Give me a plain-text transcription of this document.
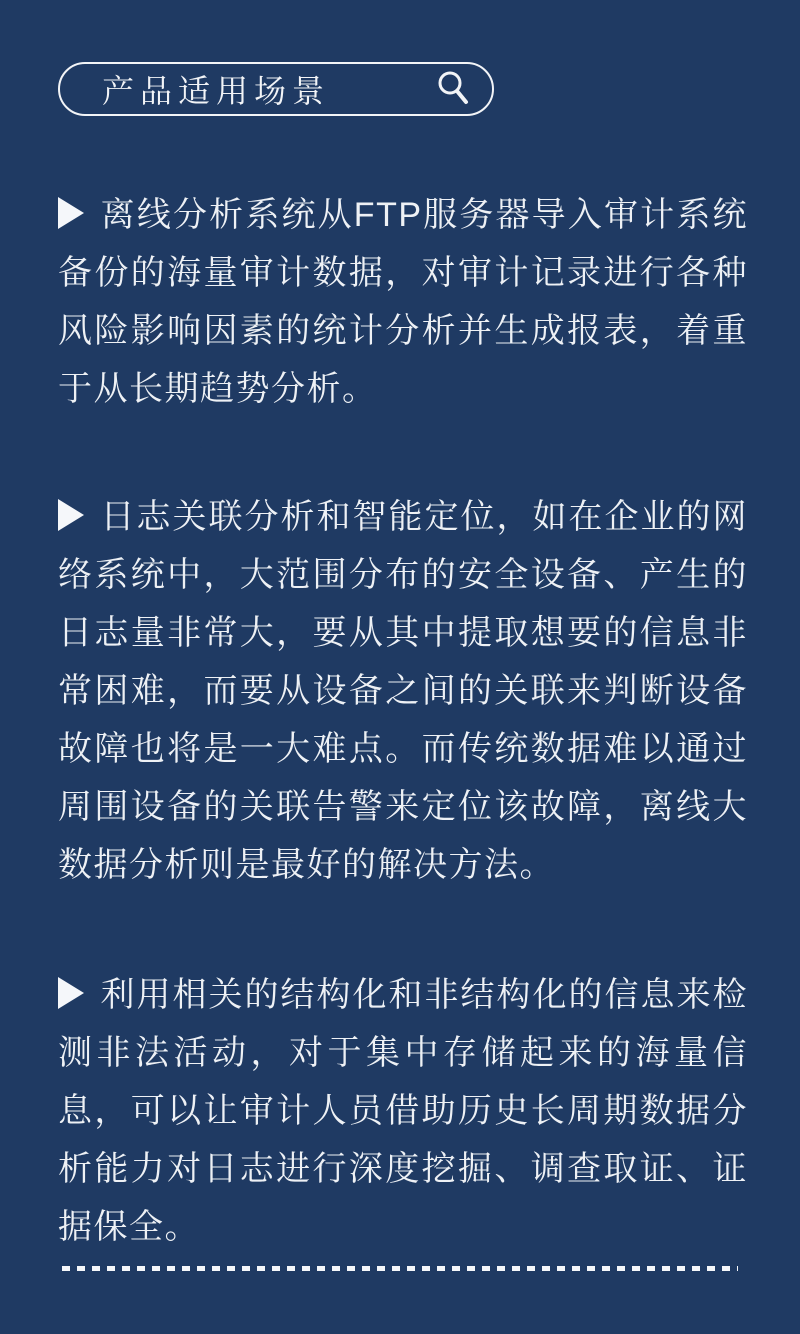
产品适用场景

离线分析系统从FTP服务器导入审计系统备份的海量审计数据，对审计记录进行各种风险影响因素的统计分析并生成报表，着重于从长期趋势分析。

日志关联分析和智能定位，如在企业的网络系统中，大范围分布的安全设备、产生的日志量非常大，要从其中提取想要的信息非常困难，而要从设备之间的关联来判断设备故障也将是一大难点。而传统数据难以通过周围设备的关联告警来定位该故障，离线大数据分析则是最好的解决方法。

利用相关的结构化和非结构化的信息来检测非法活动，对于集中存储起来的海量信息，可以让审计人员借助历史长周期数据分析能力对日志进行深度挖掘、调查取证、证据保全。
